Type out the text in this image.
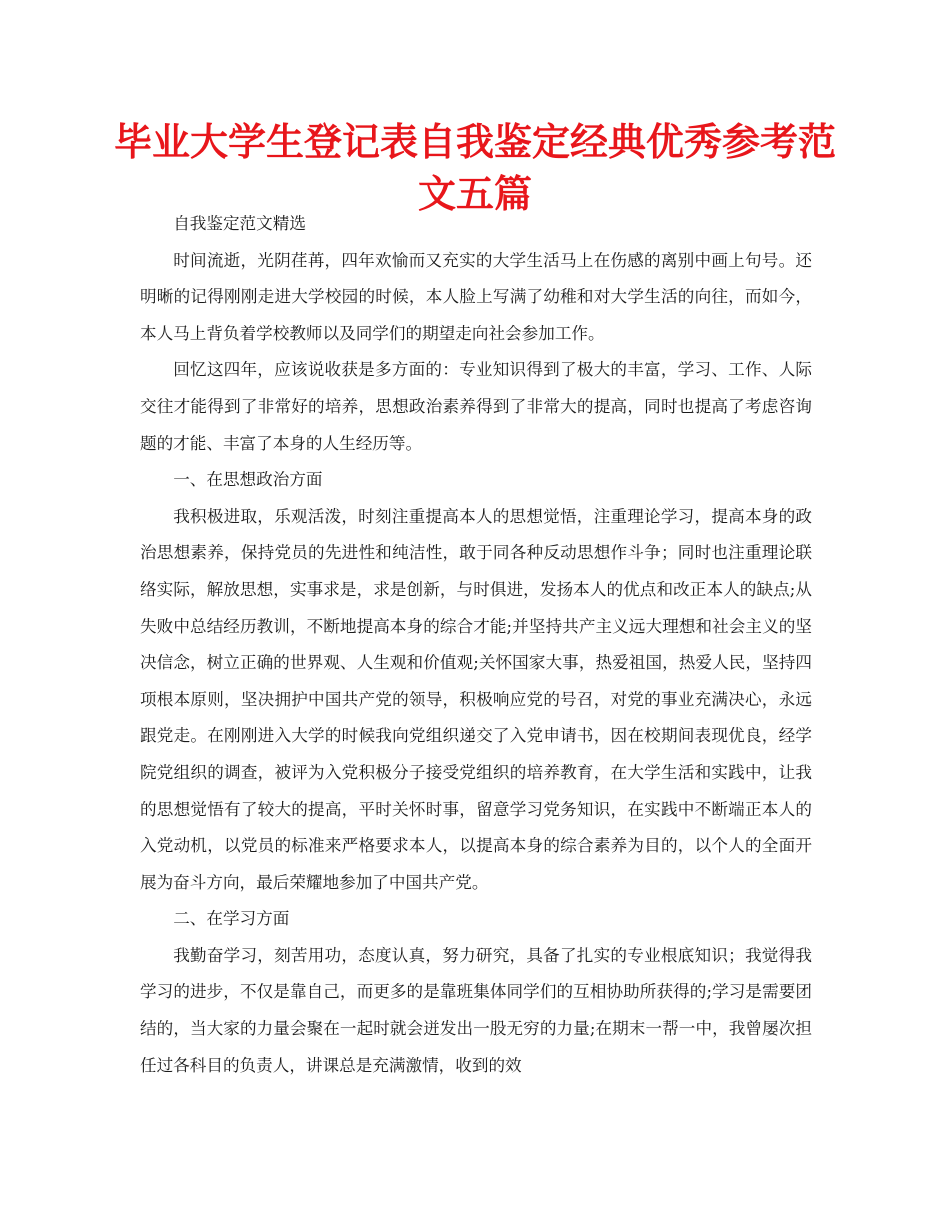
毕业大学生登记表自我鉴定经典优秀参考范文五篇

自我鉴定范文精选

时间流逝，光阴荏苒，四年欢愉而又充实的大学生活马上在伤感的离别中画上句号。还明晰的记得刚刚走进大学校园的时候，本人脸上写满了幼稚和对大学生活的向往，而如今，本人马上背负着学校教师以及同学们的期望走向社会参加工作。

回忆这四年，应该说收获是多方面的：专业知识得到了极大的丰富，学习、工作、人际交往才能得到了非常好的培养，思想政治素养得到了非常大的提高，同时也提高了考虑咨询题的才能、丰富了本身的人生经历等。

一、在思想政治方面

我积极进取，乐观活泼，时刻注重提高本人的思想觉悟，注重理论学习，提高本身的政治思想素养，保持党员的先进性和纯洁性，敢于同各种反动思想作斗争；同时也注重理论联络实际，解放思想，实事求是，求是创新，与时俱进，发扬本人的优点和改正本人的缺点;从失败中总结经历教训，不断地提高本身的综合才能;并坚持共产主义远大理想和社会主义的坚决信念，树立正确的世界观、人生观和价值观;关怀国家大事，热爱祖国，热爱人民，坚持四项根本原则，坚决拥护中国共产党的领导，积极响应党的号召，对党的事业充满决心，永远跟党走。在刚刚进入大学的时候我向党组织递交了入党申请书，因在校期间表现优良，经学院党组织的调查，被评为入党积极分子接受党组织的培养教育，在大学生活和实践中，让我的思想觉悟有了较大的提高，平时关怀时事，留意学习党务知识，在实践中不断端正本人的入党动机，以党员的标准来严格要求本人，以提高本身的综合素养为目的，以个人的全面开展为奋斗方向，最后荣耀地参加了中国共产党。

二、在学习方面

我勤奋学习，刻苦用功，态度认真，努力研究，具备了扎实的专业根底知识；我觉得我学习的进步，不仅是靠自己，而更多的是靠班集体同学们的互相协助所获得的;学习是需要团结的，当大家的力量会聚在一起时就会迸发出一股无穷的力量;在期末一帮一中，我曾屡次担任过各科目的负责人，讲课总是充满激情，收到的效
